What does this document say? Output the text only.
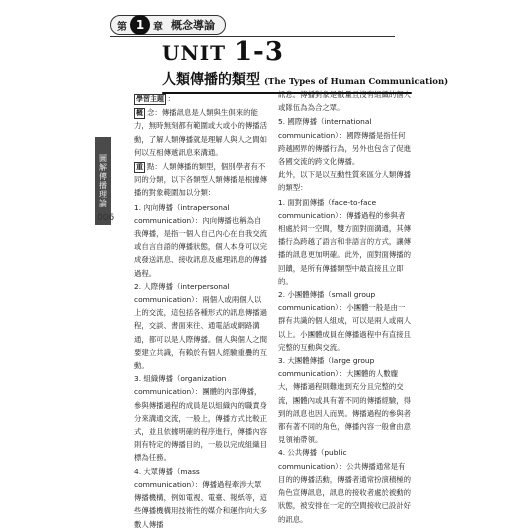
第 1 章 概念導論
UNIT 1-3
人類傳播的類型 (The Types of Human Communication)
圖解傳播理論
006

學習主題 :

概 念：傳播訊息是人類與生俱來的能力，無時無刻都有範圍或大或小的傳播活動，了解人類傳播就是理解人與人之間如何以互相傳遞訊息來溝通。

重 點：人類傳播的類型，個別學者有不同的分類，以下各類型人類傳播是根據傳播的對象範圍加以分類：

1. 內向傳播（intrapersonal communication）：內向傳播也稱為自我傳播，是指一個人自己內心在自我交流或自言自語的傳播狀態，個人本身可以完成發送訊息、接收訊息及處理訊息的傳播過程。
2. 人際傳播（interpersonal communication）：兩個人或兩個人以上的交流，這包括各種形式的訊息傳播過程，交談、書面來往、通電話或網路溝通，都可以是人際傳播。個人與個人之間要建立共識，有賴於有個人經驗重疊的互動。
3. 組織傳播（organization communication）：團體的內部傳播，參與傳播過程的成員是以組織內的職責身分來溝通交流，一般上，傳播方式比較正式，並且依據明確的程序進行，傳播內容則有特定的傳播目的，一般以完成組織目標為任務。
4. 大眾傳播（mass communication）：傳播過程牽涉大眾傳播機構，例如電視、電臺、報紙等，這些傳播機構用技術性的媒介和運作向大多數人傳播

訊息。傳播對象是數量且沒有組織的個人或隊伍為為合之眾。

5. 國際傳播（international communication）：國際傳播是指任何跨越國界的傳播行為，另外也包含了促進各國交流的跨文化傳播。

此外，以下是以互動性質來區分人類傳播的類型：

1. 面對面傳播（face-to-face communication）：傳播過程的參與者相處於同一空間，雙方面對面溝通，其傳播行為跨越了語言和非語言的方式，讓傳播的訊息更加明確。此外，面對面傳播的回饋，是所有傳播類型中最直接且立即的。
2. 小團體傳播（small group communication）：小團體一般是由一群有共識的個人組成，可以是兩人或兩人以上。小團體成員在傳播過程中有直接且完整的互動與交流。
3. 大團體傳播（large group communication）：大團體的人數龐大，傳播過程則難進到充分且完整的交流，團體內或具有著不同的傳播經驗，得到的訊息也因人而異。傳播過程的參與者都有著不同的角色，傳播內容一般會由意見領袖帶領。
4. 公共傳播（public communication）：公共傳播通常是有目的的傳播活動，傳播者通常扮演積極的角色宣傳訊息，訊息的接收者處於被動的狀態，被安排在一定的空間接收已設計好的訊息。
